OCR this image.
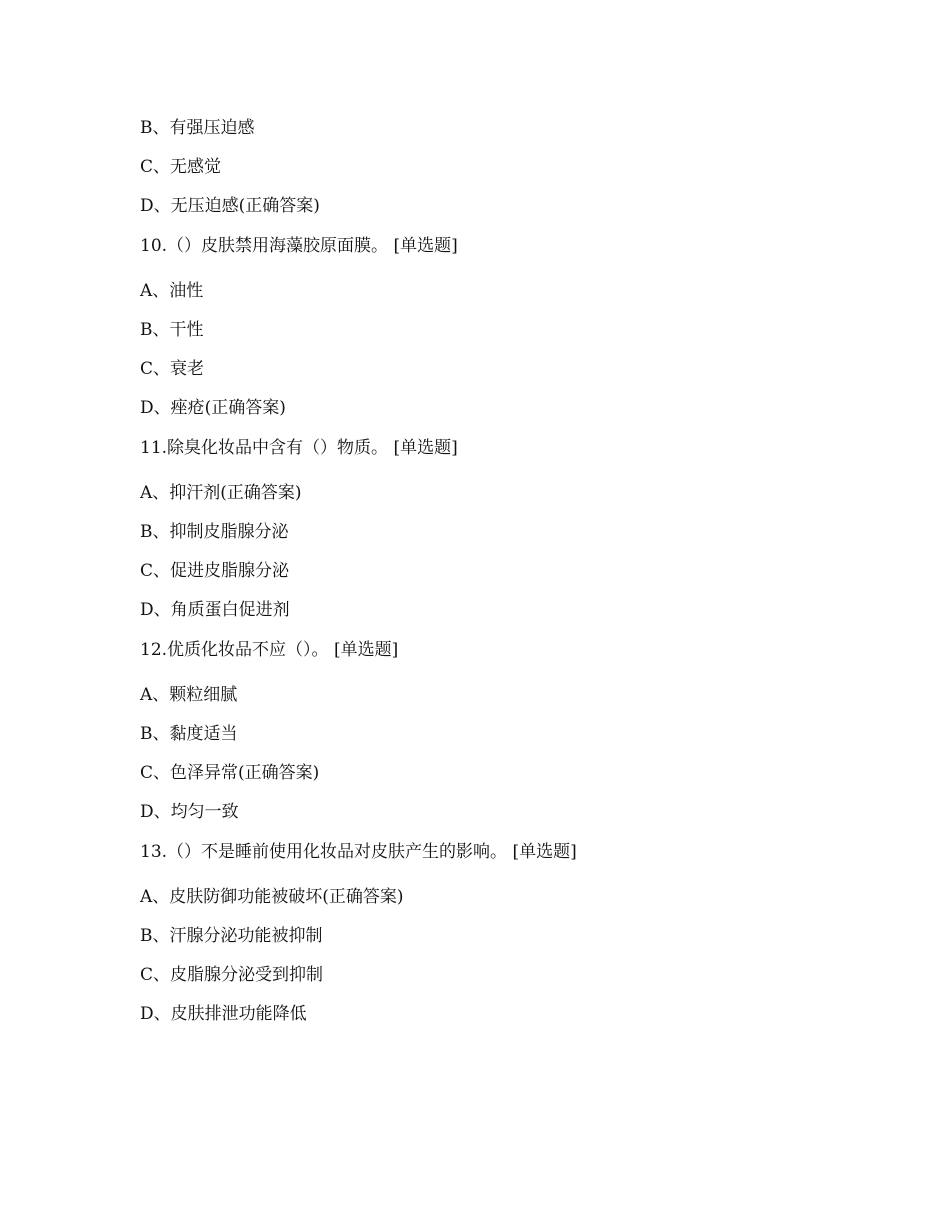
B、有强压迫感
C、无感觉
D、无压迫感(正确答案)
10.（）皮肤禁用海藻胶原面膜。 [单选题]
A、油性
B、干性
C、衰老
D、痤疮(正确答案)
11.除臭化妆品中含有（）物质。 [单选题]
A、抑汗剂(正确答案)
B、抑制皮脂腺分泌
C、促进皮脂腺分泌
D、角质蛋白促进剂
12.优质化妆品不应（）。 [单选题]
A、颗粒细腻
B、黏度适当
C、色泽异常(正确答案)
D、均匀一致
13.（）不是睡前使用化妆品对皮肤产生的影响。 [单选题]
A、皮肤防御功能被破坏(正确答案)
B、汗腺分泌功能被抑制
C、皮脂腺分泌受到抑制
D、皮肤排泄功能降低
